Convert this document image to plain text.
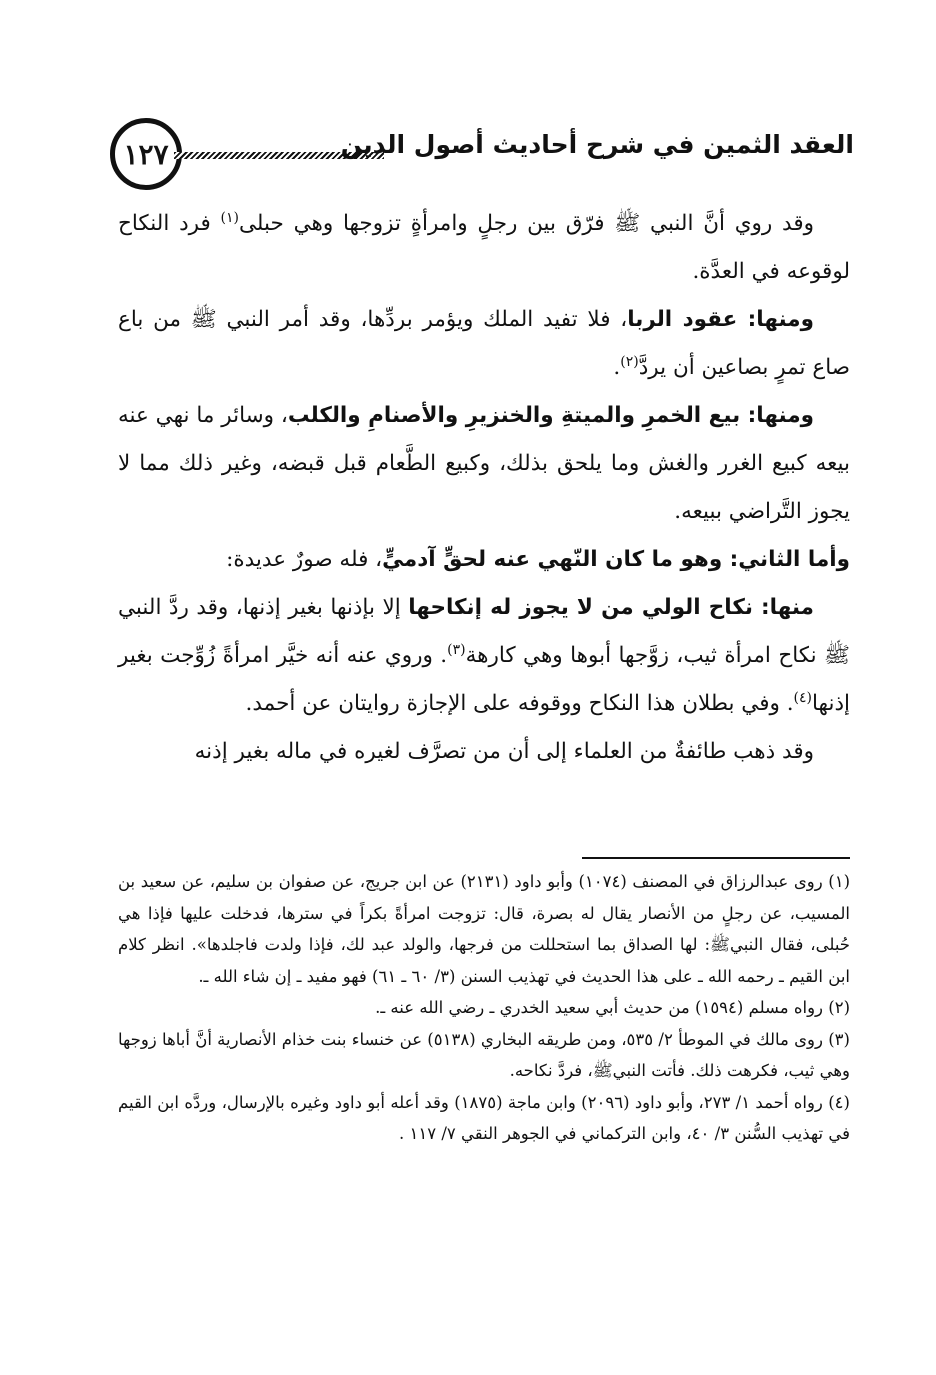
١٢٧	العقد الثمين في شرح أحاديث أصول الدين

وقد روي أنَّ النبي ﷺ فرّق بين رجلٍ وامرأةٍ تزوجها وهي حبلى$^{(١)}$ فرد النكاح لوقوعه في العدَّة.

ومنها: عقود الربا، فلا تفيد الملك ويؤمر بردِّها، وقد أمر النبي ﷺ من باع صاع تمرٍ بصاعين أن يردَّ$^{(٢)}$.

ومنها: بيع الخمرِ والميتةِ والخنزيرِ والأصنامِ والكلب، وسائر ما نهي عنه بيعه كبيع الغرر والغش وما يلحق بذلك، وكبيع الطَّعام قبل قبضه، وغير ذلك مما لا يجوز التَّراضي ببيعه.

وأما الثاني: وهو ما كان النّهي عنه لحقٍّ آدميٍّ، فله صورٌ عديدة:

منها: نكاح الولي من لا يجوز له إنكاحها إلا بإذنها بغير إذنها، وقد ردَّ النبي ﷺ نكاح امرأة ثيب، زوَّجها أبوها وهي كارهة$^{(٣)}$. وروي عنه أنه خيَّر امرأةً زُوِّجت بغير إذنها$^{(٤)}$. وفي بطلان هذا النكاح ووقوفه على الإجازة روايتان عن أحمد.

وقد ذهب طائفةٌ من العلماء إلى أن من تصرَّف لغيره في ماله بغير إذنه

(١) روى عبدالرزاق في المصنف (١٠٧٤) وأبو داود (٢١٣١) عن ابن جريج، عن صفوان بن سليم، عن سعيد بن المسيب، عن رجلٍ من الأنصار يقال له بصرة، قال: تزوجت امرأةً بكراً في سترها، فدخلت عليها فإذا هي حُبلى، فقال النبيﷺ: لها الصداق بما استحللت من فرجها، والولد عبد لك، فإذا ولدت فاجلدها». انظر كلام ابن القيم ـ رحمه الله ـ على هذا الحديث في تهذيب السنن (٣/ ٦٠ ـ ٦١) فهو مفيد ـ إن شاء الله ـ.

(٢) رواه مسلم (١٥٩٤) من حديث أبي سعيد الخدري ـ رضي الله عنه ـ.

(٣) روى مالك في الموطأ ٢/ ٥٣٥، ومن طريقه البخاري (٥١٣٨) عن خنساء بنت خذام الأنصارية أنَّ أباها زوجها وهي ثيب، فكرهت ذلك. فأتت النبيﷺ، فردَّ نكاحه.

(٤) رواه أحمد ١/ ٢٧٣، وأبو داود (٢٠٩٦) وابن ماجة (١٨٧٥) وقد أعله أبو داود وغيره بالإرسال، وردَّه ابن القيم في تهذيب السُّنن ٣/ ٤٠، وابن التركماني في الجوهر النقي ٧/ ١١٧ .
